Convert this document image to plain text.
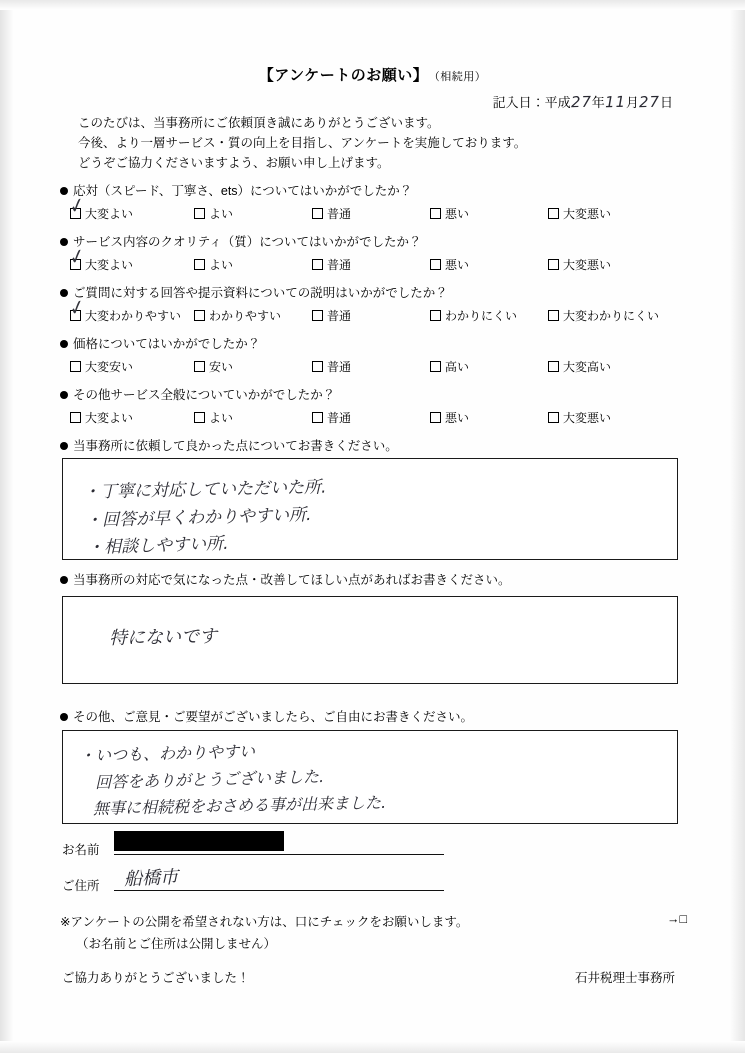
【アンケートのお願い】 （相続用）
記入日：平成27年11月27日
このたびは、当事務所にご依頼頂き誠にありがとうございます。
今後、より一層サービス・質の向上を目指し、アンケートを実施しております。
どうぞご協力くださいますよう、お願い申し上げます。
応対（スピード、丁寧さ、ets）についてはいかがでしたか？
大変よい
✓	よい	普通	悪い	大変悪い
サービス内容のクオリティ（質）についてはいかがでしたか？
大変よい
✓	よい	普通	悪い	大変悪い
ご質問に対する回答や提示資料についての説明はいかがでしたか？
大変わかりやすい
✓	わかりやすい	普通	わかりにくい	大変わかりにくい
価格についてはいかがでしたか？
大変安い	安い	普通	高い	大変高い
その他サービス全般についていかがでしたか？
大変よい	よい	普通	悪い	大変悪い
当事務所に依頼して良かった点についてお書きください。
・丁寧に対応していただいた所.
・回答が早くわかりやすい所.
・相談しやすい所.
当事務所の対応で気になった点・改善してほしい点があればお書きください。
特にないです
その他、ご意見・ご要望がございましたら、ご自由にお書きください。
・いつも、わかりやすい
回答をありがとうございました.
無事に相続税をおさめる事が出来ました.
お名前
ご住所 船橋市
※アンケートの公開を希望されない方は、口にチェックをお願いします。	→□
（お名前とご住所は公開しません）
ご協力ありがとうございました！	石井税理士事務所
